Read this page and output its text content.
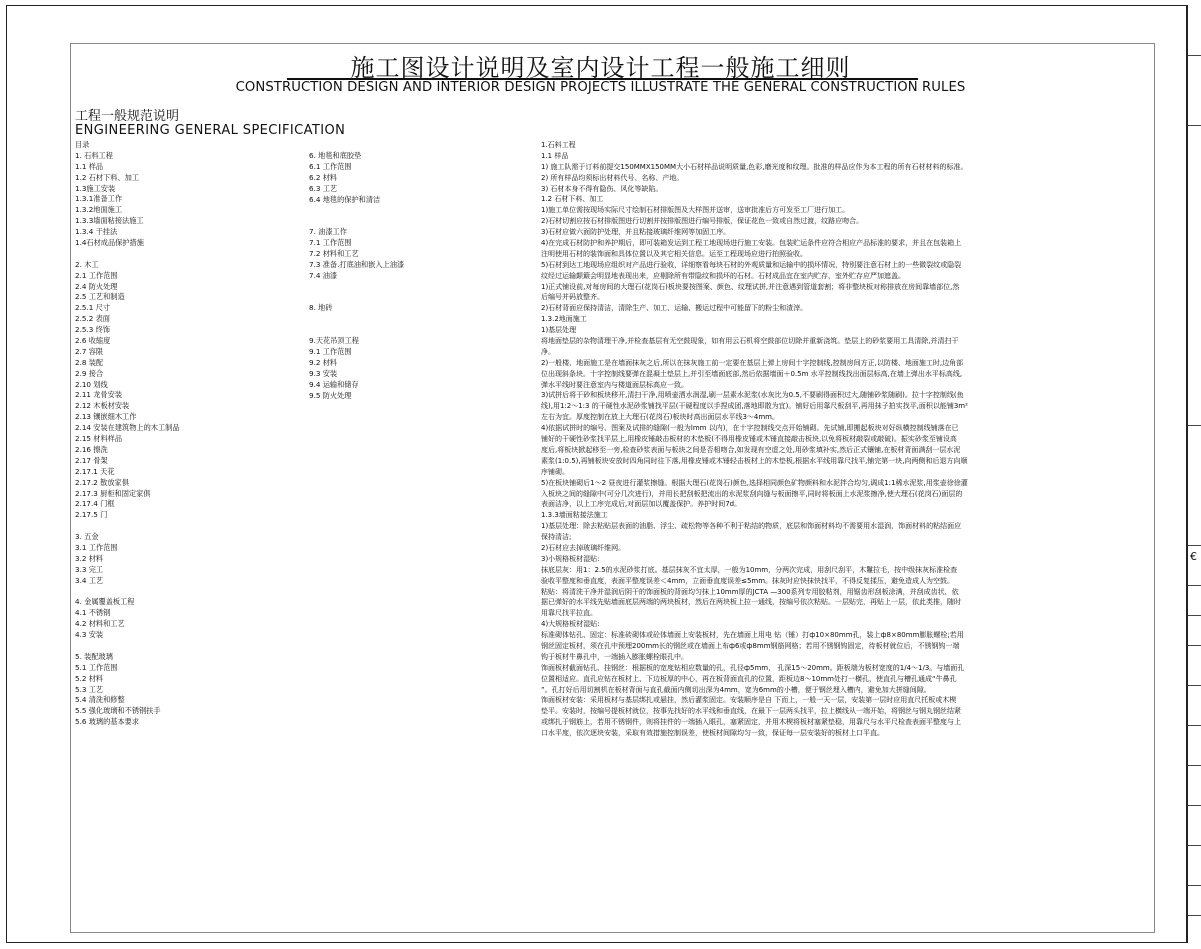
€
施工图设计说明及室内设计工程一般施工细则
CONSTRUCTION DESIGN AND INTERIOR DESIGN PROJECTS ILLUSTRATE THE GENERAL CONSTRUCTION RULES
工程一般规范说明
ENGINEERING GENERAL SPECIFICATION
目录
1. 石料工程
1.1 样品
1.2 石材下料、加工
1.3施工安装
1.3.1准备工作
1.3.2地面施工
1.3.3墙面粘接法施工
1.3.4 干挂法
1.4石材成品保护措施
2. 木工
2.1 工作范围
2.4 防火处理
2.5 工艺和制造
2.5.1 尺寸
2.5.2 表面
2.5.3 终饰
2.6 收缩度
2.7 容限
2.8 装配
2.9 接合
2.10 划线
2.11 龙骨安装
2.12 木板材安装
2.13 镶嵌细木工作
2.14 安装在建筑物上的木工制品
2.15 材料样品
2.16 擦洗
2.17 骨架
2.17.1 天花
2.17.2 散放家俱
2.17.3 厨柜和固定家俱
2.17.4 门框
2.17.5 门
3. 五金
3.1 工作范围
3.2 材料
3.3 完工
3.4 工艺
4. 金属覆盖板工程
4.1 不锈钢
4.2 材料和工艺
4.3 安装
5. 装配玻璃
5.1 工作范围
5.2 材料
5.3 工艺
5.4 清洗和修整
5.5 强化玻璃和不锈钢扶手
5.6 玻璃的基本要求
6. 地毯和底胶垫
6.1 工作范围
6.2 材料
6.3 工艺
6.4 地毯的保护和清洁
7. 油漆工作
7.1 工作范围
7.2 材料和工艺
7.3 准备.打底油和嵌入上油漆
7.4 油漆
8. 地砖
9.天花吊顶工程
9.1 工作范围
9.2 材料
9.3 安装
9.4 运输和储存
9.5 防火处理
1.石料工程
1.1 样品
1) 施工队需于订料前提交150MMX150MM大小石材样品说明质量,色彩,磨光度和纹理。批准的样品应作为本工程的所有石材材料的标准。
2) 所有样品均须标出材料代号、名称、产地。
3) 石材本身不得有隐伤、风化等缺陷。
1.2 石材下料、加工
1)施工单位需按现场实际尺寸绘制石材排版图及大样图并送审，送审批准后方可发至工厂进行加工。
2)石材切割应按石材排版图进行切割并按排版图进行编号排版，保证花色一致或自然过渡，纹路应吻合。
3)石材应做六面防护处理，并且粘接玻璃纤维网等加固工序。
4)在完成石材防护和养护期后，即可装箱发运到工程工地现场进行施工安装。包装贮运条件应符合相应产品标准的要求，并且在包装箱上
注明使用石材的装饰面和具体位置以及其它相关信息。运至工程现场应进行拍照验收。
5)石材到达工地现场应组织对产品进行验收，详细察看每块石材的外观质量和运输中的损坏情况，特别要注意石材上的一些微裂纹或隐裂
纹经过运输颠簸会明显地表现出来，应剔除所有带隐纹和损坏的石材。石材成品宜在室内贮存，室外贮存应严加遮盖。
1)正式铺设前,对每房间的大理石(花岗石)板块要按图案、颜色、纹理试拼,并注意遇到管道套割；将非整块板对称排放在房间靠墙部位,然
后编号并码放整齐。
2)石材背面应保持清洁，清除生产、加工、运输、搬运过程中可能留下的粉尘和渣滓。
1.3.2地面施工
1)基层处理
将地面垫层的杂物清理干净,并检查基层有无空鼓现象，如有用云石机将空鼓部位切除并重新浇筑。垫层上的砂浆要用工具清除,并清扫干
净。
2)一般楼、地面施工是在墙面抹灰之后,所以在抹灰施工前一定要在基层上弹上房间十字控制线,控制房间方正,以防楼、地面施工时,边角部
位出现斜条块。十字控制线要弹在混凝土垫层上,并引至墙面底部,然后依据墙面＋0.5m 水平控制线找出面层标高,在墙上弹出水平标高线,
弹水平线时要注意室内与楼道面层标高应一致。
3)试拼后将干砂和板块移开,清扫干净,用喷壶洒水润湿,刷一层素水泥浆(水灰比为0.5,不要刷得面积过大,随铺砂浆随刷)。拉十字控制线(鱼
线),用1:2～1:3 的干硬性水泥砂浆铺找平层(干硬程度以手捏成团,落地即散为宜)。铺好后用靠尺板刮平,再用抹子拍实找平,面积以能铺3m²
左右为宜。厚度控制在放上大理石(花岗石)板块时高出面层水平线3～4mm。
4)依据试拼时的编号、图案及试排的缝隙(一般为lmm 以内)，在十字控制线交点开始铺砌。先试铺,即搬起板块对好纵横控制线铺落在已
铺好的干硬性砂浆找平层上,用橡皮锤敲击板材的木垫板(不得用橡皮锤或木锤直接敲击板块,以免将板材敲裂或敲破)。振实砂浆至铺设高
度后,将板块掀起移至一旁,检查砂浆表面与板块之间是否相吻合,如发现有空虚之处,用砂浆填补实,然后正式镶铺,在板材背面满刮一层水泥
素浆(1:0.5),再铺板块安放时四角同时往下落,用橡皮锤或木锤轻击板材上的木垫板,根据水平线用靠尺找平,铺完第一块,向两侧和后退方向顺
序铺砌。
5)在板块铺砌后1～2 昼夜进行灌浆擦缝。根据大理石(花岗石)颜色,选择相同颜色矿物颜料和水泥拌合均匀,调成1:1稀水泥浆,用浆壶徐徐灌
入板块之间的缝隙中(可分几次进行)，并用长把刮板把流出的水泥浆刮向缝与板面擦平,同时将板面上水泥浆擦净,使大理石(花岗石)面层的
表面洁净，以上工序完成后,对面层加以覆盖保护。养护时间7d。
1.3.3墙面粘接法施工
1)基层处理：除去粘贴层表面的油脂、浮尘、疏松物等各种不利于粘结的物质，底层和饰面材料均不需要用水湿润，饰面材料的粘结面应
保持清洁;
2)石材应去掉玻璃纤维网。
3)小规格板材湿贴:
抹底层灰：用1：2.5的水泥砂浆打底。基层抹灰不宜太厚，一般为10mm，分两次完成，用刮尺刮平，木鬘拉毛，按中级抹灰标准检查
验收平整度和垂直度，表面平整度误差＜4mm，立面垂直度误差≤5mm。抹灰时应快抹快找平，不得反复揉压，避免造成人为空鼓。
粘贴：将清洗干净并湿润后阴干的饰面板的背面均匀抹上10mm厚的JCTA —300系列专用胶粘剂，用锯齿形刮板涂满，并刮成齿状，依
据已弹好的水平线先贴墙面底层两端的两块板材，然后在两块板上拉一通线，按编号依次粘贴。一层贴完，再贴上一层，依此类推，随时
用靠尺找平拉直。
4)大规格板材湿贴:
标准砌体钻孔、固定：标准砖砌体或砼体墙面上安装板材，先在墙面上用电 钻（锤）打ф10×80mm孔，装上ф8×80mm膨胀螺栓;若用
钢丝固定板材，须在孔中预埋200mm长的钢丝或在墙面上布ф6或ф8mm钢筋网格；若用不锈钢钩固定，待板材就位后，不锈钢钩一端
钩于板材牛鼻孔中，一端插入膨胀螺栓眼孔中。
饰面板材截面钻孔、挂钢丝：根据板的宽度钻相应数量的孔，孔径ф5mm， 孔深15～20mm。距板端为板材宽度的1/4～1/3。与墙面孔
位置相适应。直孔应钻在板材上、下边板厚的中心，再在板背面直孔的位置，距板边8～10mm处打一横孔，使直孔与槽孔通成“牛鼻孔
”。孔打好后用切割机在板材背面与直孔截面内侧切出深为4mm，宽为6mm的小槽，便于钢丝埋入槽内，避免加大拼缝间隙。
饰面板材安装：采用板材与基层绑扎或悬挂，然后灌浆固定。安装顺序是自 下而上，一般一天一层，安装第一层时应用直尺托板或木楔
垫平。安装时，按编号提板材就位，按事先找好的水平线和垂直线，在最下一层两头找平，拉上横线从一端开始，将钢丝与钢丸钢丝结紧
或绑扎于钢筋上，若用不锈钢件，则将挂件的一端插入眼孔，塞紧固定，并用木楔将板材塞紧垫稳，用靠尺与水平尺检查表面平整度与上
口水平度，依次逐块安装，采取有效措施控制误差，使板材间隙均匀一致，保证每一层安装好的板材上口平直。
